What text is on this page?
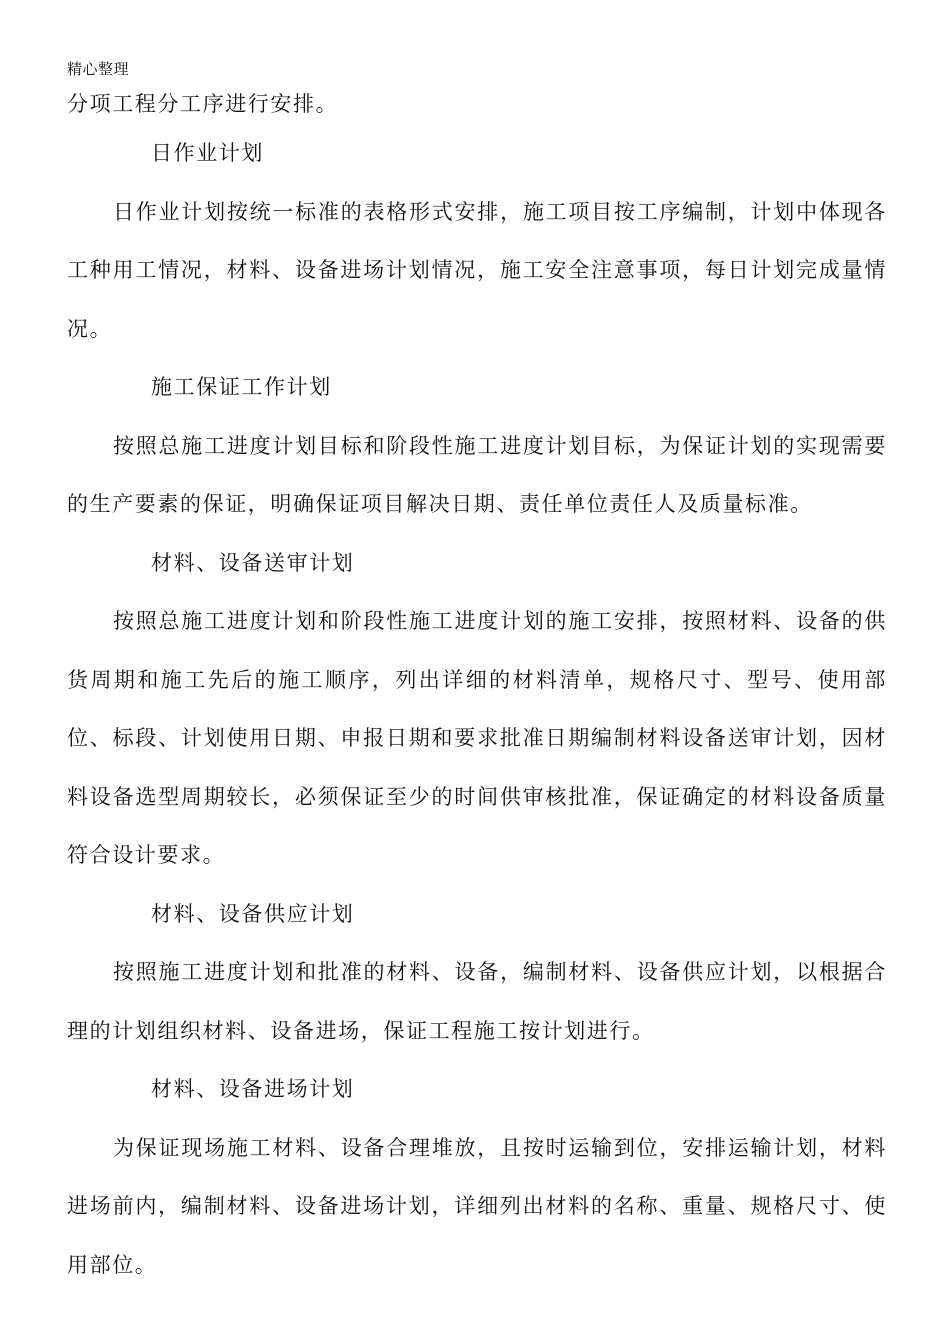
精心整理

分项工程分工序进行安排。

日作业计划

日作业计划按统一标准的表格形式安排，施工项目按工序编制，计划中体现各工种用工情况，材料、设备进场计划情况，施工安全注意事项，每日计划完成量情况。

施工保证工作计划

按照总施工进度计划目标和阶段性施工进度计划目标，为保证计划的实现需要的生产要素的保证，明确保证项目解决日期、责任单位责任人及质量标准。

材料、设备送审计划

按照总施工进度计划和阶段性施工进度计划的施工安排，按照材料、设备的供货周期和施工先后的施工顺序，列出详细的材料清单，规格尺寸、型号、使用部位、标段、计划使用日期、申报日期和要求批准日期编制材料设备送审计划，因材料设备选型周期较长，必须保证至少的时间供审核批准，保证确定的材料设备质量符合设计要求。

材料、设备供应计划

按照施工进度计划和批准的材料、设备，编制材料、设备供应计划，以根据合理的计划组织材料、设备进场，保证工程施工按计划进行。

材料、设备进场计划

为保证现场施工材料、设备合理堆放，且按时运输到位，安排运输计划，材料进场前内，编制材料、设备进场计划，详细列出材料的名称、重量、规格尺寸、使用部位。
